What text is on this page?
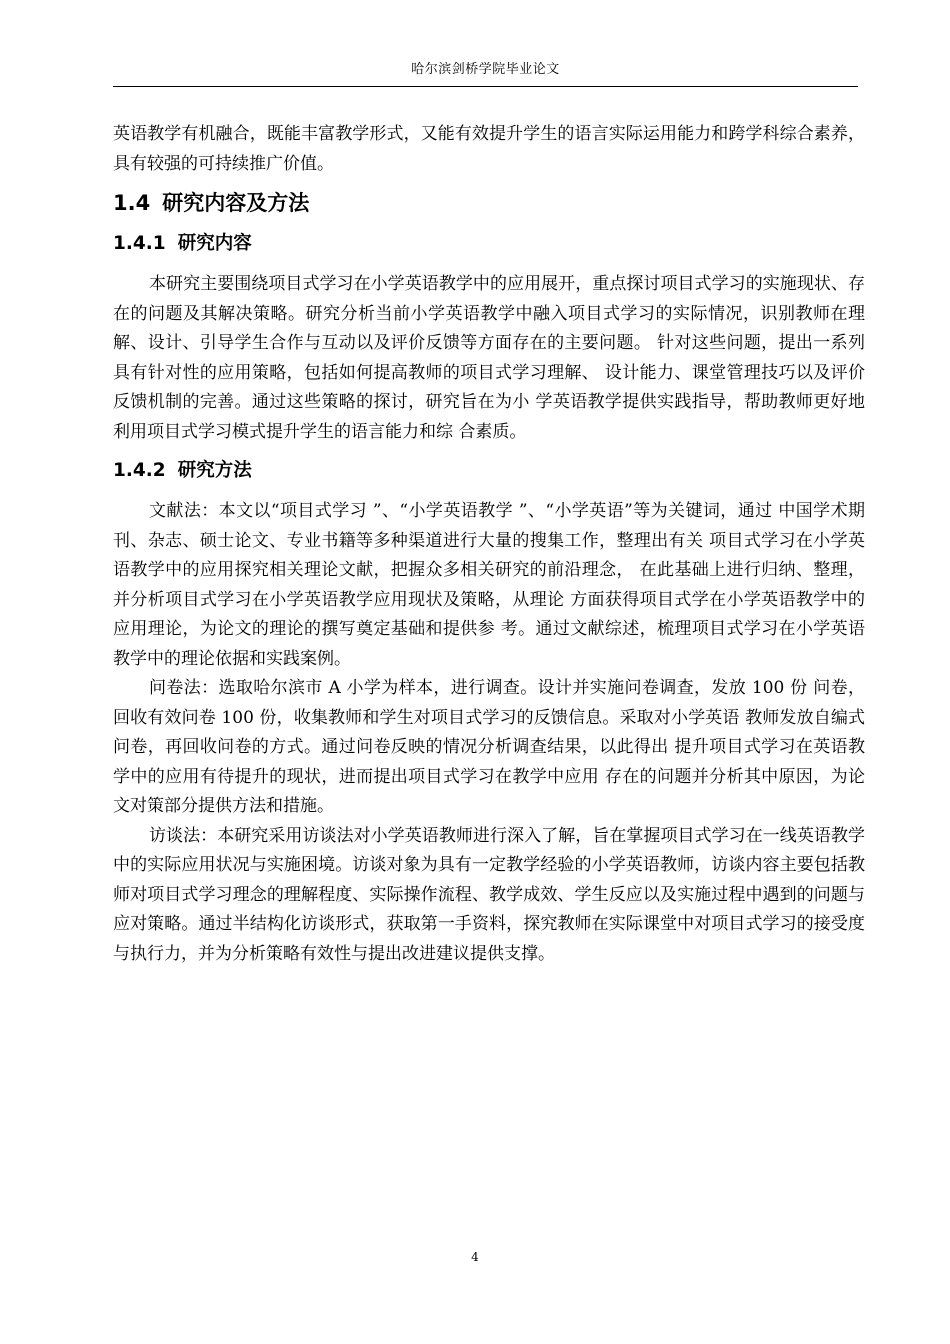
哈尔滨剑桥学院毕业论文

英语教学有机融合，既能丰富教学形式，又能有效提升学生的语言实际运用能力和跨学科综合素养，具有较强的可持续推广价值。

1.4 研究内容及方法
1.4.1 研究内容

本研究主要围绕项目式学习在小学英语教学中的应用展开，重点探讨项目式学习的实施现状、存在的问题及其解决策略。研究分析当前小学英语教学中融入项目式学习的实际情况，识别教师在理解、设计、引导学生合作与互动以及评价反馈等方面存在的主要问题。 针对这些问题，提出一系列具有针对性的应用策略，包括如何提高教师的项目式学习理解、 设计能力、课堂管理技巧以及评价反馈机制的完善。通过这些策略的探讨，研究旨在为小 学英语教学提供实践指导，帮助教师更好地利用项目式学习模式提升学生的语言能力和综 合素质。

1.4.2 研究方法

文献法：本文以“项目式学习 ”、“小学英语教学 ”、“小学英语”等为关键词，通过 中国学术期刊、杂志、硕士论文、专业书籍等多种渠道进行大量的搜集工作，整理出有关 项目式学习在小学英语教学中的应用探究相关理论文献，把握众多相关研究的前沿理念， 在此基础上进行归纳、整理，并分析项目式学习在小学英语教学应用现状及策略，从理论 方面获得项目式学在小学英语教学中的应用理论，为论文的理论的撰写奠定基础和提供参 考。通过文献综述，梳理项目式学习在小学英语教学中的理论依据和实践案例。

问卷法：选取哈尔滨市 A 小学为样本，进行调查。设计并实施问卷调查，发放 100 份 问卷，回收有效问卷 100 份，收集教师和学生对项目式学习的反馈信息。采取对小学英语 教师发放自编式问卷，再回收问卷的方式。通过问卷反映的情况分析调查结果，以此得出 提升项目式学习在英语教学中的应用有待提升的现状，进而提出项目式学习在教学中应用 存在的问题并分析其中原因，为论文对策部分提供方法和措施。

访谈法：本研究采用访谈法对小学英语教师进行深入了解，旨在掌握项目式学习在一线英语教学中的实际应用状况与实施困境。访谈对象为具有一定教学经验的小学英语教师，访谈内容主要包括教师对项目式学习理念的理解程度、实际操作流程、教学成效、学生反应以及实施过程中遇到的问题与应对策略。通过半结构化访谈形式，获取第一手资料，探究教师在实际课堂中对项目式学习的接受度与执行力，并为分析策略有效性与提出改进建议提供支撑。

4
